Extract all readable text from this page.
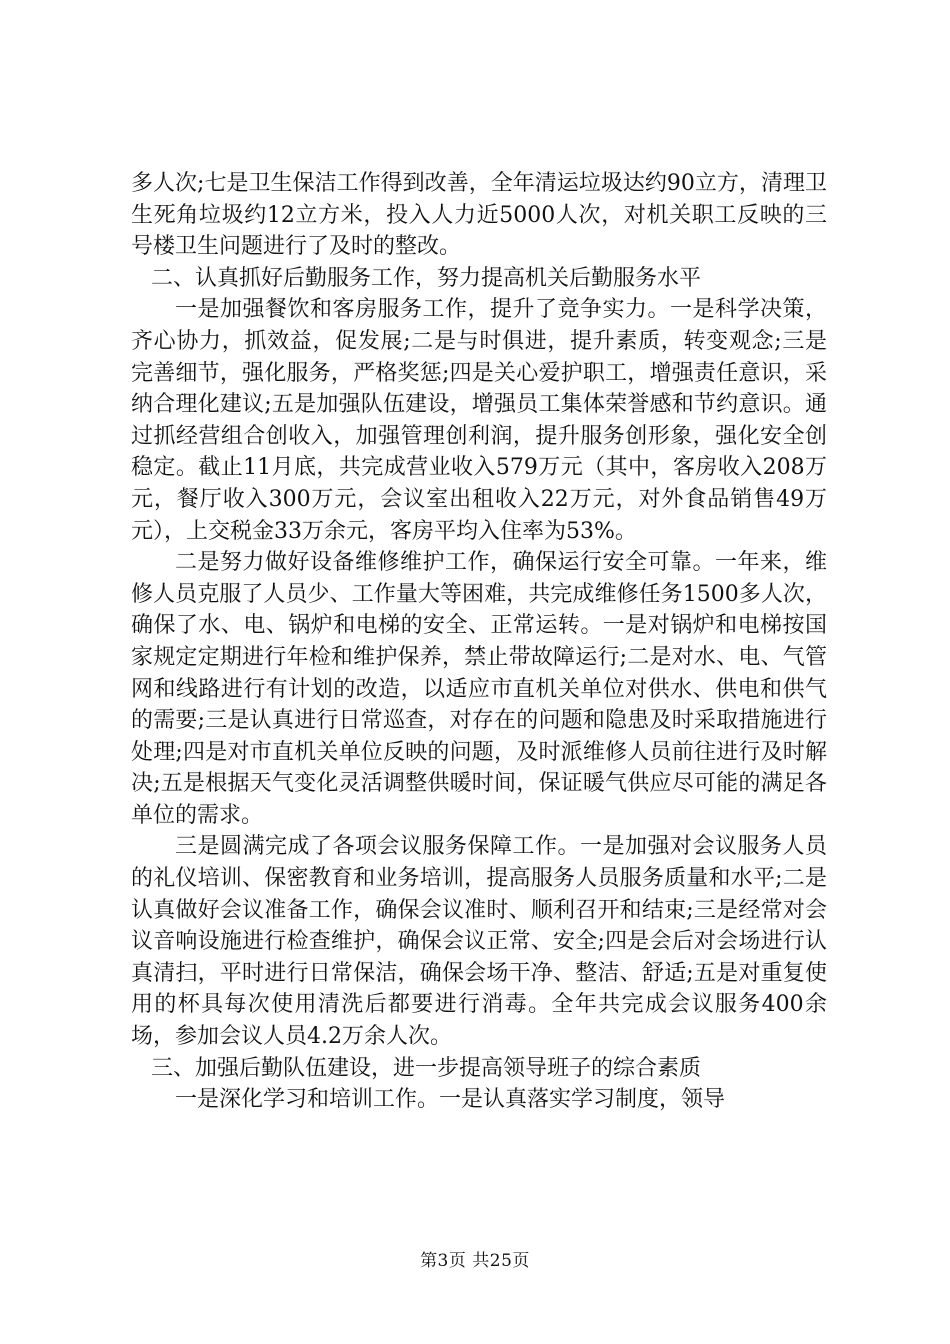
多人次;七是卫生保洁工作得到改善，全年清运垃圾达约90立方，清理卫生死角垃圾约12立方米，投入人力近5000人次，对机关职工反映的三号楼卫生问题进行了及时的整改。

二、认真抓好后勤服务工作，努力提高机关后勤服务水平

一是加强餐饮和客房服务工作，提升了竞争实力。一是科学决策，齐心协力，抓效益，促发展;二是与时俱进，提升素质，转变观念;三是完善细节，强化服务，严格奖惩;四是关心爱护职工，增强责任意识，采纳合理化建议;五是加强队伍建设，增强员工集体荣誉感和节约意识。通过抓经营组合创收入，加强管理创利润，提升服务创形象，强化安全创稳定。截止11月底，共完成营业收入579万元（其中，客房收入208万元，餐厅收入300万元，会议室出租收入22万元，对外食品销售49万元），上交税金33万余元，客房平均入住率为53%。

二是努力做好设备维修维护工作，确保运行安全可靠。一年来，维修人员克服了人员少、工作量大等困难，共完成维修任务1500多人次，确保了水、电、锅炉和电梯的安全、正常运转。一是对锅炉和电梯按国家规定定期进行年检和维护保养，禁止带故障运行;二是对水、电、气管网和线路进行有计划的改造，以适应市直机关单位对供水、供电和供气的需要;三是认真进行日常巡查，对存在的问题和隐患及时采取措施进行处理;四是对市直机关单位反映的问题，及时派维修人员前往进行及时解决;五是根据天气变化灵活调整供暖时间，保证暖气供应尽可能的满足各单位的需求。

三是圆满完成了各项会议服务保障工作。一是加强对会议服务人员的礼仪培训、保密教育和业务培训，提高服务人员服务质量和水平;二是认真做好会议准备工作，确保会议准时、顺利召开和结束;三是经常对会议音响设施进行检查维护，确保会议正常、安全;四是会后对会场进行认真清扫，平时进行日常保洁，确保会场干净、整洁、舒适;五是对重复使用的杯具每次使用清洗后都要进行消毒。全年共完成会议服务400余场，参加会议人员4.2万余人次。

三、加强后勤队伍建设，进一步提高领导班子的综合素质

一是深化学习和培训工作。一是认真落实学习制度，领导

第3页 共25页
